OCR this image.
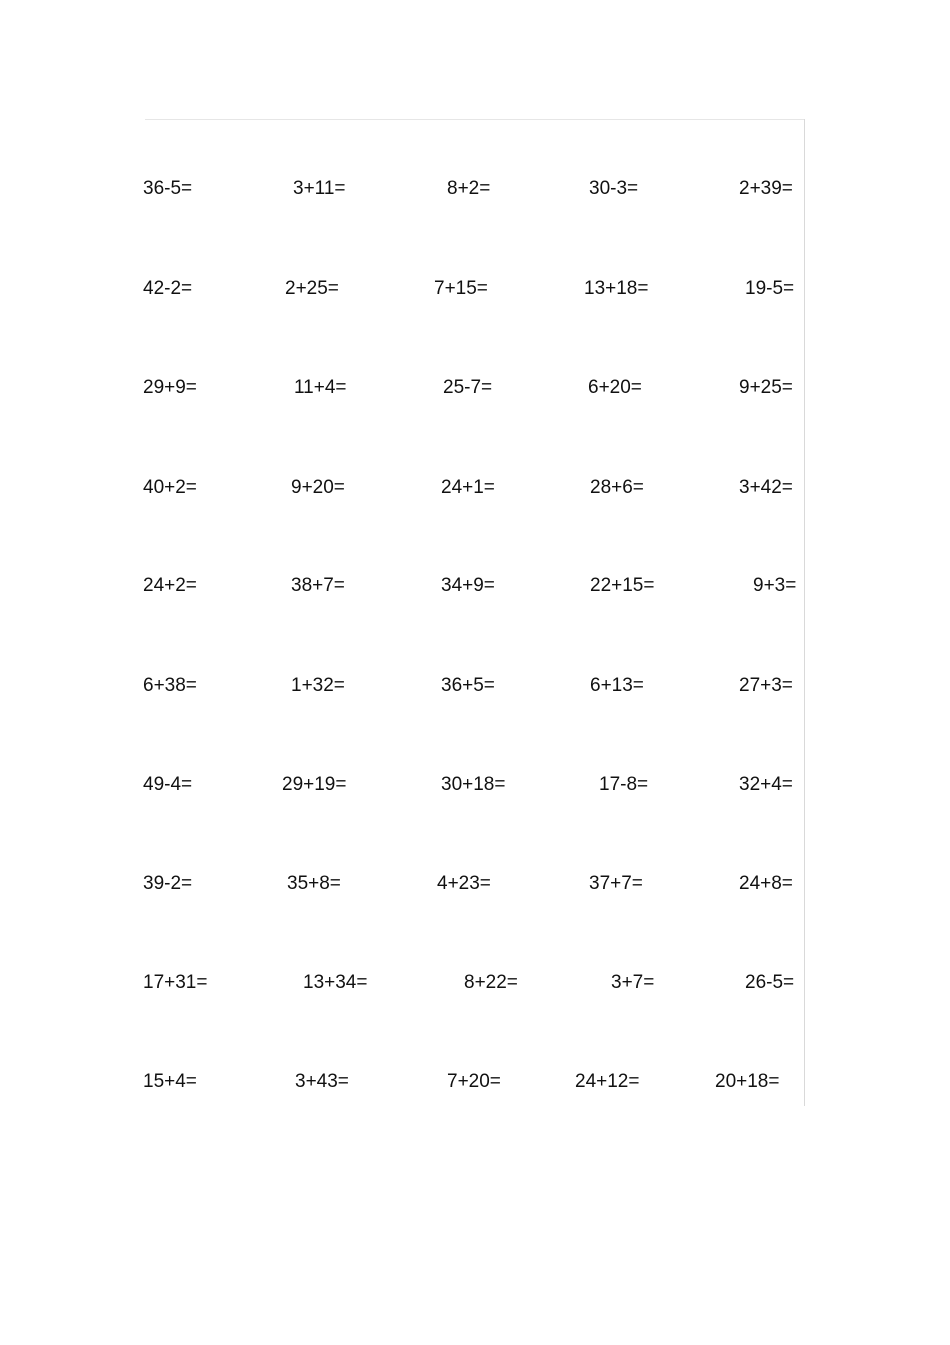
36-5=	3+11=	8+2=	30-3=	2+39=
42-2=	2+25=	7+15=	13+18=	19-5=
29+9=	11+4=	25-7=	6+20=	9+25=
40+2=	9+20=	24+1=	28+6=	3+42=
24+2=	38+7=	34+9=	22+15=	9+3=
6+38=	1+32=	36+5=	6+13=	27+3=
49-4=	29+19=	30+18=	17-8=	32+4=
39-2=	35+8=	4+23=	37+7=	24+8=
17+31=	13+34=	8+22=	3+7=	26-5=
15+4=	3+43=	7+20=	24+12=	20+18=
